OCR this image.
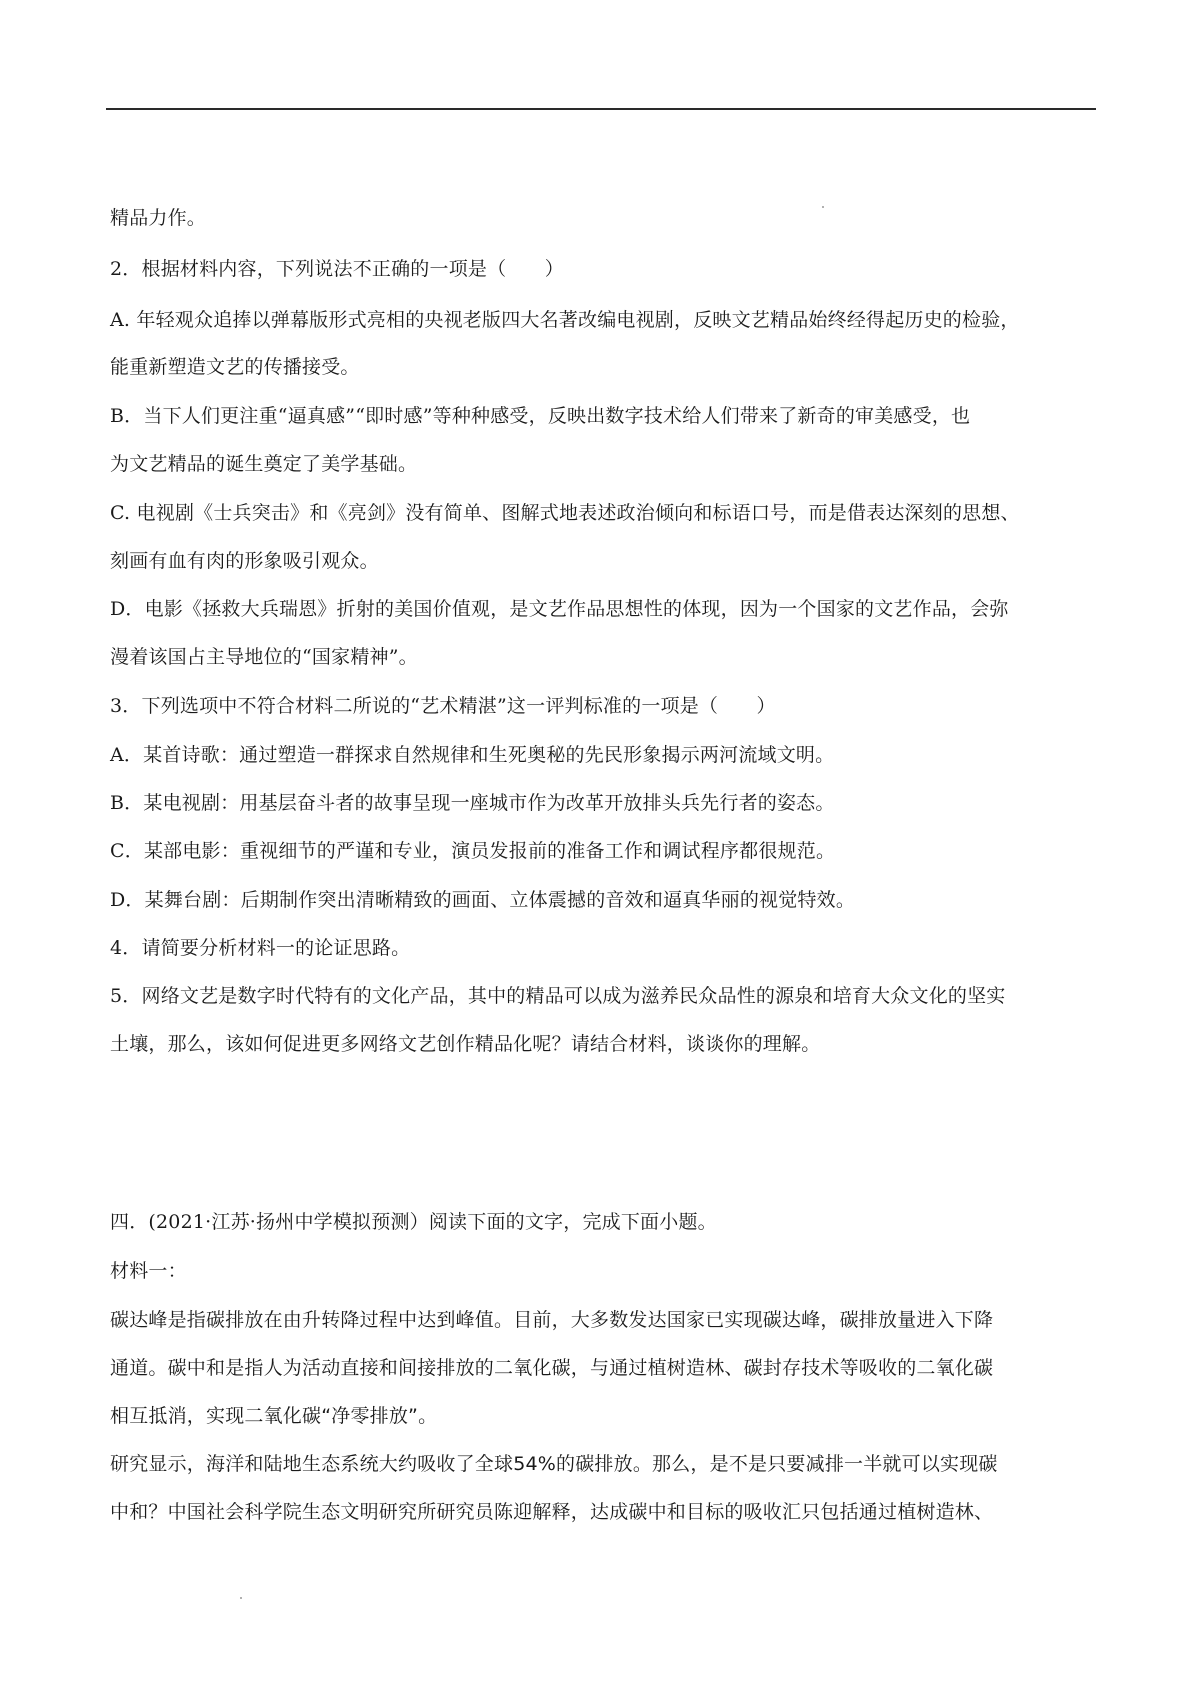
精品力作。
2．根据材料内容，下列说法不正确的一项是（　　）
A. 年轻观众追捧以弹幕版形式亮相的央视老版四大名著改编电视剧，反映文艺精品始终经得起历史的检验，
能重新塑造文艺的传播接受。
B．当下人们更注重“逼真感”“即时感”等种种感受，反映出数字技术给人们带来了新奇的审美感受，也
为文艺精品的诞生奠定了美学基础。
C. 电视剧《士兵突击》和《亮剑》没有简单、图解式地表述政治倾向和标语口号，而是借表达深刻的思想、
刻画有血有肉的形象吸引观众。
D．电影《拯救大兵瑞恩》折射的美国价值观，是文艺作品思想性的体现，因为一个国家的文艺作品，会弥
漫着该国占主导地位的“国家精神”。
3．下列选项中不符合材料二所说的“艺术精湛”这一评判标准的一项是（　　）
A．某首诗歌：通过塑造一群探求自然规律和生死奥秘的先民形象揭示两河流域文明。
B．某电视剧：用基层奋斗者的故事呈现一座城市作为改革开放排头兵先行者的姿态。
C．某部电影：重视细节的严谨和专业，演员发报前的准备工作和调试程序都很规范。
D．某舞台剧：后期制作突出清晰精致的画面、立体震撼的音效和逼真华丽的视觉特效。
4．请简要分析材料一的论证思路。
5．网络文艺是数字时代特有的文化产品，其中的精品可以成为滋养民众品性的源泉和培育大众文化的坚实
土壤，那么，该如何促进更多网络文艺创作精品化呢？请结合材料，谈谈你的理解。
四．(2021·江苏·扬州中学模拟预测）阅读下面的文字，完成下面小题。
材料一：
碳达峰是指碳排放在由升转降过程中达到峰值。目前，大多数发达国家已实现碳达峰，碳排放量进入下降
通道。碳中和是指人为活动直接和间接排放的二氧化碳，与通过植树造林、碳封存技术等吸收的二氧化碳
相互抵消，实现二氧化碳“净零排放”。
研究显示，海洋和陆地生态系统大约吸收了全球54%的碳排放。那么，是不是只要减排一半就可以实现碳
中和？中国社会科学院生态文明研究所研究员陈迎解释，达成碳中和目标的吸收汇只包括通过植树造林、
